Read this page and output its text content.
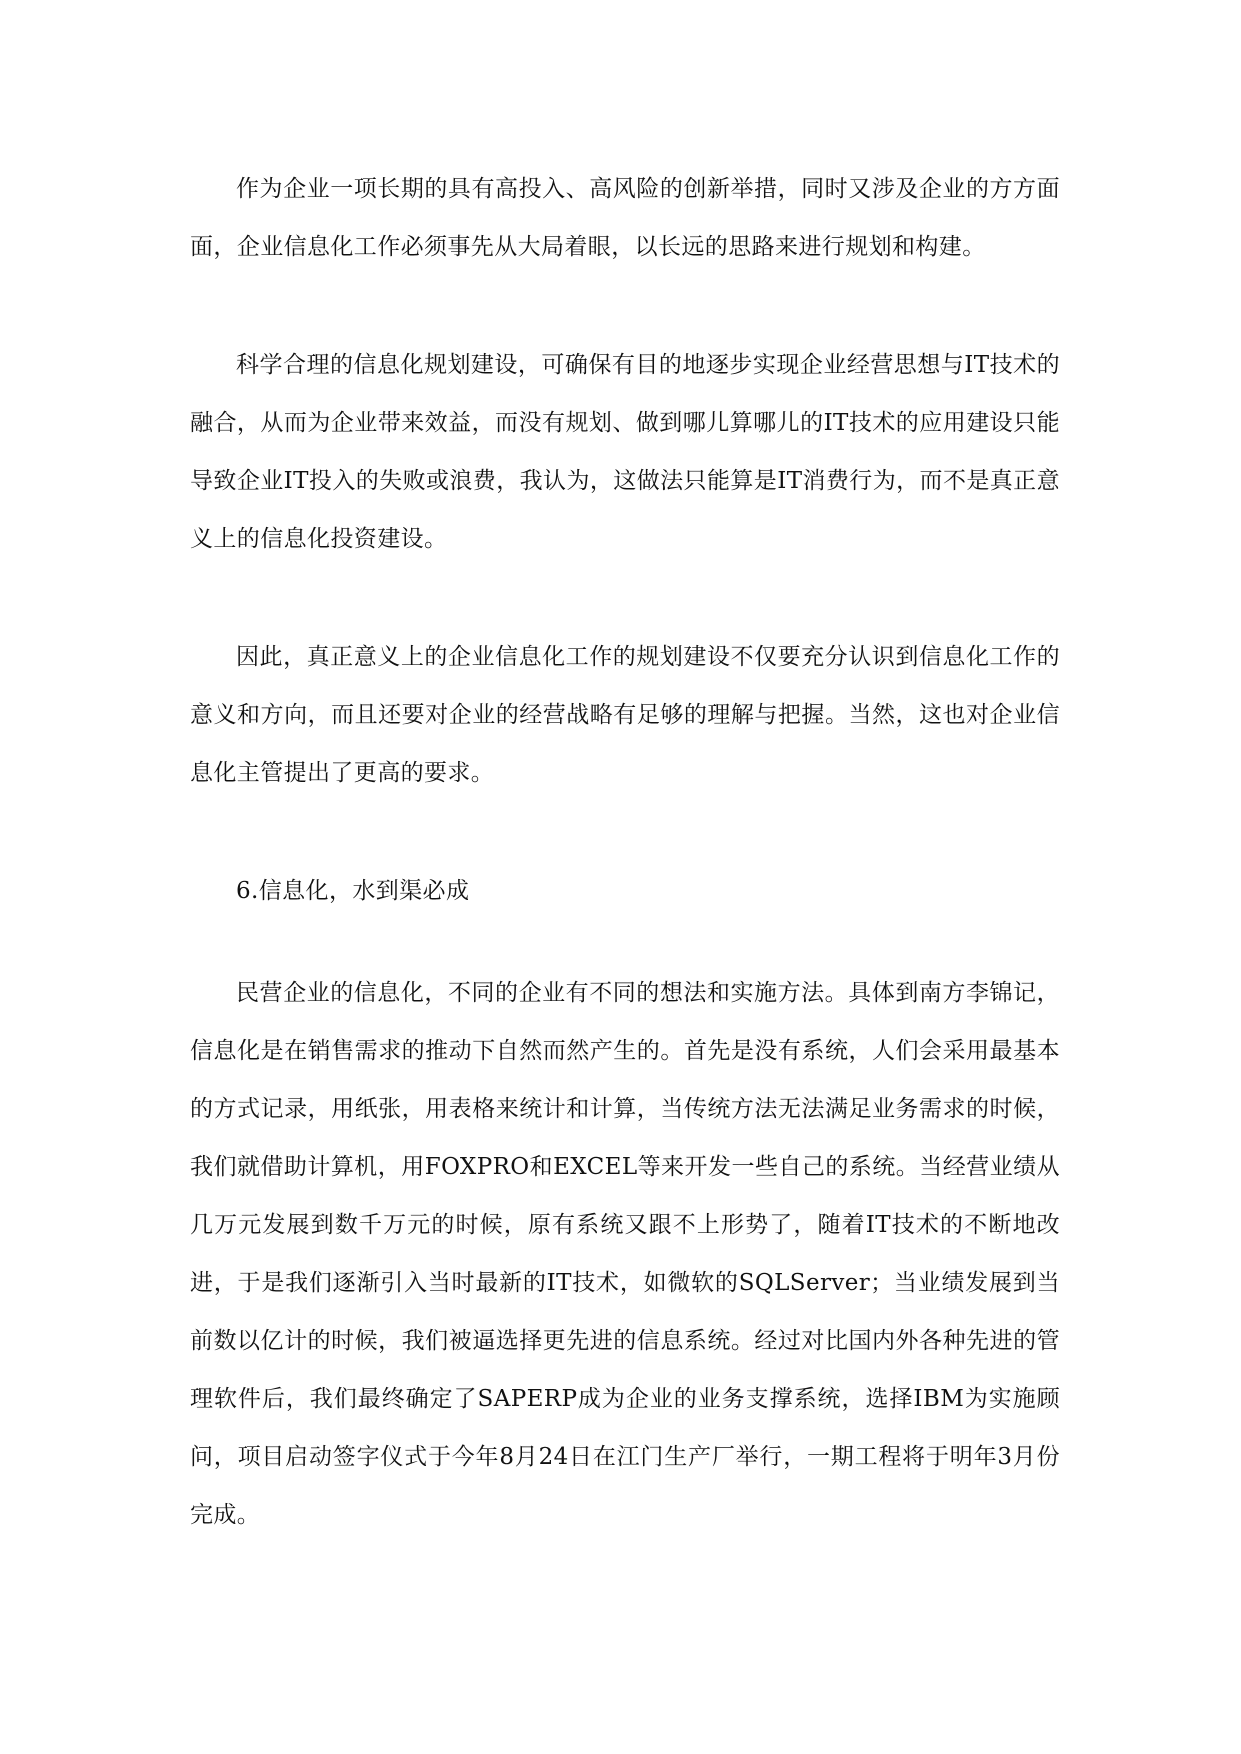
作为企业一项长期的具有高投入、高风险的创新举措，同时又涉及企业的方方面面，企业信息化工作必须事先从大局着眼，以长远的思路来进行规划和构建。

科学合理的信息化规划建设，可确保有目的地逐步实现企业经营思想与IT技术的融合，从而为企业带来效益，而没有规划、做到哪儿算哪儿的IT技术的应用建设只能导致企业IT投入的失败或浪费，我认为，这做法只能算是IT消费行为，而不是真正意义上的信息化投资建设。

因此，真正意义上的企业信息化工作的规划建设不仅要充分认识到信息化工作的意义和方向，而且还要对企业的经营战略有足够的理解与把握。当然，这也对企业信息化主管提出了更高的要求。

6.信息化，水到渠必成

民营企业的信息化，不同的企业有不同的想法和实施方法。具体到南方李锦记，信息化是在销售需求的推动下自然而然产生的。首先是没有系统，人们会采用最基本的方式记录，用纸张，用表格来统计和计算，当传统方法无法满足业务需求的时候，我们就借助计算机，用FOXPRO和EXCEL等来开发一些自己的系统。当经营业绩从几万元发展到数千万元的时候，原有系统又跟不上形势了，随着IT技术的不断地改进，于是我们逐渐引入当时最新的IT技术，如微软的SQLServer；当业绩发展到当前数以亿计的时候，我们被逼选择更先进的信息系统。经过对比国内外各种先进的管理软件后，我们最终确定了SAPERP成为企业的业务支撑系统，选择IBM为实施顾问，项目启动签字仪式于今年8月24日在江门生产厂举行，一期工程将于明年3月份完成。
